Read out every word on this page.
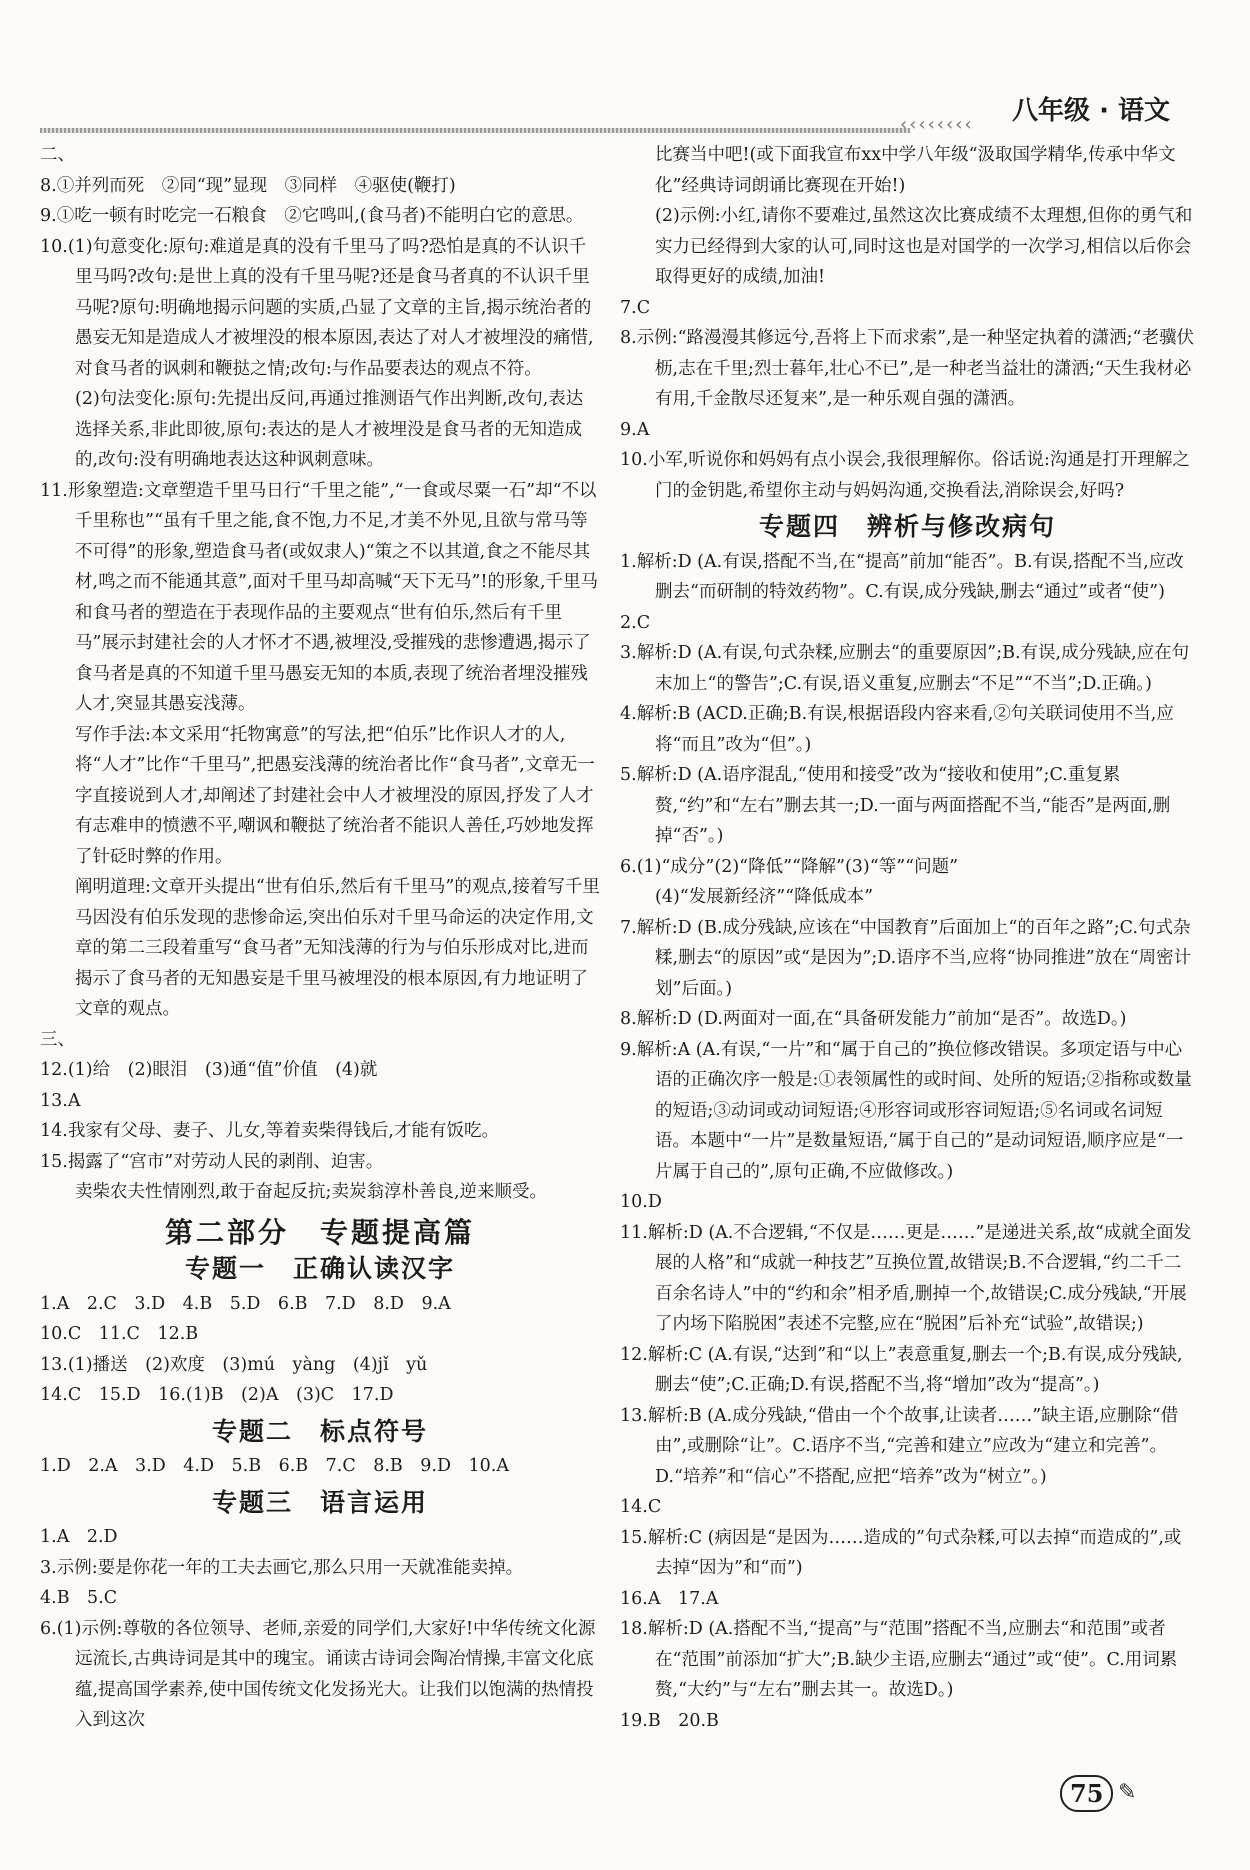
‹‹‹‹‹‹‹‹ 八年级 · 语文

二、

8.①并列而死　②同“现”显现　③同样　④驱使(鞭打)

9.①吃一顿有时吃完一石粮食　②它鸣叫,(食马者)不能明白它的意思。

10.(1)句意变化:原句:难道是真的没有千里马了吗?恐怕是真的不认识千里马吗?改句:是世上真的没有千里马呢?还是食马者真的不认识千里马呢?原句:明确地揭示问题的实质,凸显了文章的主旨,揭示统治者的愚妄无知是造成人才被埋没的根本原因,表达了对人才被埋没的痛惜,对食马者的讽刺和鞭挞之情;改句:与作品要表达的观点不符。

(2)句法变化:原句:先提出反问,再通过推测语气作出判断,改句,表达选择关系,非此即彼,原句:表达的是人才被埋没是食马者的无知造成的,改句:没有明确地表达这种讽刺意味。

11.形象塑造:文章塑造千里马日行“千里之能”,“一食或尽粟一石”却“不以千里称也”“虽有千里之能,食不饱,力不足,才美不外见,且欲与常马等不可得”的形象,塑造食马者(或奴隶人)“策之不以其道,食之不能尽其材,鸣之而不能通其意”,面对千里马却高喊“天下无马”!的形象,千里马和食马者的塑造在于表现作品的主要观点“世有伯乐,然后有千里马”展示封建社会的人才怀才不遇,被埋没,受摧残的悲惨遭遇,揭示了食马者是真的不知道千里马愚妄无知的本质,表现了统治者埋没摧残人才,突显其愚妄浅薄。

写作手法:本文采用“托物寓意”的写法,把“伯乐”比作识人才的人,将“人才”比作“千里马”,把愚妄浅薄的统治者比作“食马者”,文章无一字直接说到人才,却阐述了封建社会中人才被埋没的原因,抒发了人才有志难申的愤懑不平,嘲讽和鞭挞了统治者不能识人善任,巧妙地发挥了针砭时弊的作用。

阐明道理:文章开头提出“世有伯乐,然后有千里马”的观点,接着写千里马因没有伯乐发现的悲惨命运,突出伯乐对千里马命运的决定作用,文章的第二三段着重写“食马者”无知浅薄的行为与伯乐形成对比,进而揭示了食马者的无知愚妄是千里马被埋没的根本原因,有力地证明了文章的观点。

三、

12.(1)给　(2)眼泪　(3)通“值”价值　(4)就

13.A

14.我家有父母、妻子、儿女,等着卖柴得钱后,才能有饭吃。

15.揭露了“宫市”对劳动人民的剥削、迫害。

卖柴农夫性情刚烈,敢于奋起反抗;卖炭翁淳朴善良,逆来顺受。

第二部分　专题提高篇
专题一　正确认读汉字

1.A　2.C　3.D　4.B　5.D　6.B　7.D　8.D　9.A

10.C　11.C　12.B

13.(1)播送　(2)欢度　(3)mú　yàng　(4)jǐ　yǔ

14.C　15.D　16.(1)B　(2)A　(3)C　17.D

专题二　标点符号

1.D　2.A　3.D　4.D　5.B　6.B　7.C　8.B　9.D　10.A

专题三　语言运用

1.A　2.D

3.示例:要是你花一年的工夫去画它,那么只用一天就准能卖掉。

4.B　5.C

6.(1)示例:尊敬的各位领导、老师,亲爱的同学们,大家好!中华传统文化源远流长,古典诗词是其中的瑰宝。诵读古诗词会陶冶情操,丰富文化底蕴,提高国学素养,使中国传统文化发扬光大。让我们以饱满的热情投入到这次

比赛当中吧!(或下面我宣布xx中学八年级“汲取国学精华,传承中华文化”经典诗词朗诵比赛现在开始!)

(2)示例:小红,请你不要难过,虽然这次比赛成绩不太理想,但你的勇气和实力已经得到大家的认可,同时这也是对国学的一次学习,相信以后你会取得更好的成绩,加油!

7.C

8.示例:“路漫漫其修远兮,吾将上下而求索”,是一种坚定执着的潇洒;“老骥伏枥,志在千里;烈士暮年,壮心不已”,是一种老当益壮的潇洒;“天生我材必有用,千金散尽还复来”,是一种乐观自强的潇洒。

9.A

10.小军,听说你和妈妈有点小误会,我很理解你。俗话说:沟通是打开理解之门的金钥匙,希望你主动与妈妈沟通,交换看法,消除误会,好吗?

专题四　辨析与修改病句

1.解析:D (A.有误,搭配不当,在“提高”前加“能否”。B.有误,搭配不当,应改删去“而研制的特效药物”。C.有误,成分残缺,删去“通过”或者“使”)

2.C

3.解析:D (A.有误,句式杂糅,应删去“的重要原因”;B.有误,成分残缺,应在句末加上“的警告”;C.有误,语义重复,应删去“不足”“不当”;D.正确。)

4.解析:B (ACD.正确;B.有误,根据语段内容来看,②句关联词使用不当,应将“而且”改为“但”。)

5.解析:D (A.语序混乱,“使用和接受”改为“接收和使用”;C.重复累赘,“约”和“左右”删去其一;D.一面与两面搭配不当,“能否”是两面,删掉“否”。)

6.(1)“成分”(2)“降低”“降解”(3)“等”“问题”

(4)“发展新经济”“降低成本”

7.解析:D (B.成分残缺,应该在“中国教育”后面加上“的百年之路”;C.句式杂糅,删去“的原因”或“是因为”;D.语序不当,应将“协同推进”放在“周密计划”后面。)

8.解析:D (D.两面对一面,在“具备研发能力”前加“是否”。故选D。)

9.解析:A (A.有误,“一片”和“属于自己的”换位修改错误。多项定语与中心语的正确次序一般是:①表领属性的或时间、处所的短语;②指称或数量的短语;③动词或动词短语;④形容词或形容词短语;⑤名词或名词短语。本题中“一片”是数量短语,“属于自己的”是动词短语,顺序应是“一片属于自己的”,原句正确,不应做修改。)

10.D

11.解析:D (A.不合逻辑,“不仅是……更是……”是递进关系,故“成就全面发展的人格”和“成就一种技艺”互换位置,故错误;B.不合逻辑,“约二千二百余名诗人”中的“约和余”相矛盾,删掉一个,故错误;C.成分残缺,“开展了内场下陷脱困”表述不完整,应在“脱困”后补充“试验”,故错误;)

12.解析:C (A.有误,“达到”和“以上”表意重复,删去一个;B.有误,成分残缺,删去“使”;C.正确;D.有误,搭配不当,将“增加”改为“提高”。)

13.解析:B (A.成分残缺,“借由一个个故事,让读者……”缺主语,应删除“借由”,或删除“让”。C.语序不当,“完善和建立”应改为“建立和完善”。D.“培养”和“信心”不搭配,应把“培养”改为“树立”。)

14.C

15.解析:C (病因是“是因为……造成的”句式杂糅,可以去掉“而造成的”,或去掉“因为”和“而”)

16.A　17.A

18.解析:D (A.搭配不当,“提高”与“范围”搭配不当,应删去“和范围”或者在“范围”前添加“扩大”;B.缺少主语,应删去“通过”或“使”。C.用词累赘,“大约”与“左右”删去其一。故选D。)

19.B　20.B

75 ✎
